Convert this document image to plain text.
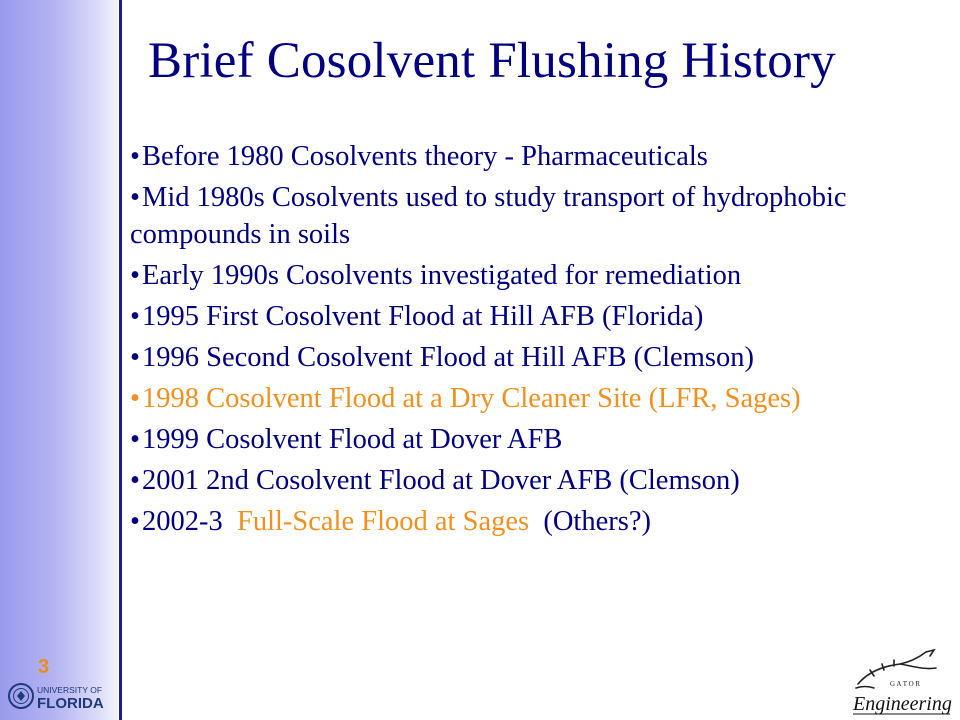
Brief Cosolvent Flushing History
•Before 1980 Cosolvents theory - Pharmaceuticals
•Mid 1980s Cosolvents used to study transport of hydrophobic compounds in soils
•Early 1990s Cosolvents investigated for remediation
•1995 First Cosolvent Flood at Hill AFB (Florida)
•1996 Second Cosolvent Flood at Hill AFB (Clemson)
•1998 Cosolvent Flood at a Dry Cleaner Site (LFR, Sages)
•1999 Cosolvent Flood at Dover AFB
•2001 2nd Cosolvent Flood at Dover AFB (Clemson)
•2002-3  Full-Scale Flood at Sages  (Others?)
3
UNIVERSITY OF
FLORIDA
G A T O R
Engineering
